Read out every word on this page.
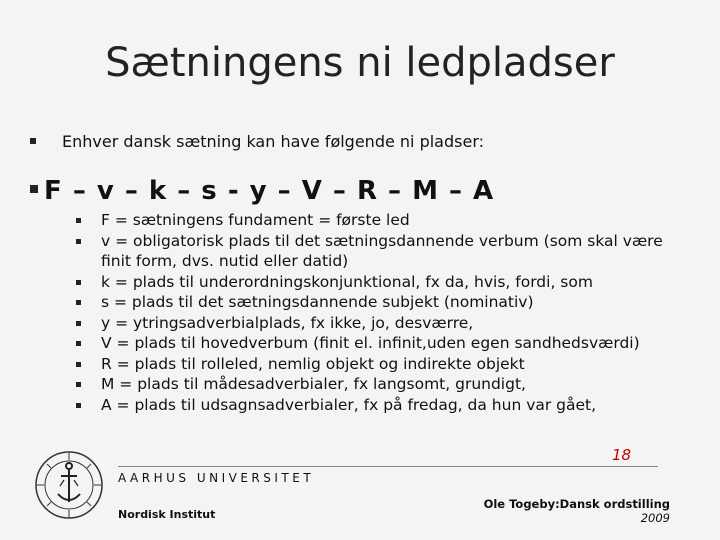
Sætningens ni ledpladser
Enhver dansk sætning kan have følgende ni pladser:
F – v – k – s - y – V – R – M – A
F = sætningens fundament = første led
v = obligatorisk plads til det sætningsdannende verbum (som skal være finit form, dvs. nutid eller datid)
k = plads til underordningskonjunktional, fx da, hvis, fordi, som
s = plads til det sætningsdannende subjekt (nominativ)
y = ytringsadverbialplads, fx ikke, jo, desværre,
V = plads til hovedverbum (finit el. infinit,uden egen sandhedsværdi)
R = plads til rolleled, nemlig objekt og indirekte objekt
M = plads til mådesadverbialer, fx langsomt, grundigt,
A = plads til udsagnsadverbialer, fx på fredag, da hun var gået,
AARHUS UNIVERSITET
Nordisk Institut
18
Ole Togeby:Dansk ordstilling
2009
